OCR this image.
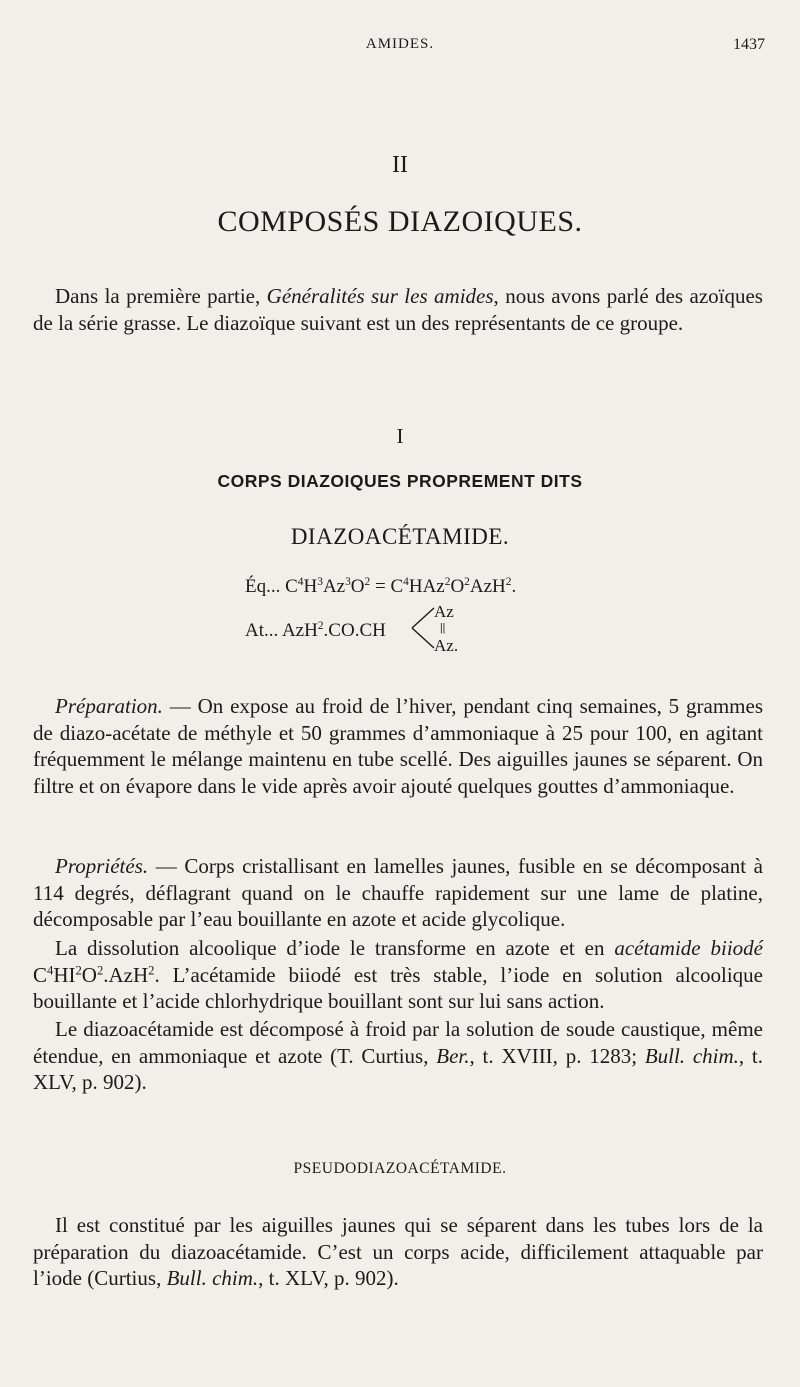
AMIDES.	1437
II
COMPOSÉS DIAZOIQUES.

Dans la première partie, Généralités sur les amides, nous avons parlé des azoïques de la série grasse. Le diazoïque suivant est un des représentants de ce groupe.

I
CORPS DIAZOIQUES PROPREMENT DITS
DIAZOACÉTAMIDE.
Éq... $C^4H^3Az^3O^2 = C^4HAz^2O^2AzH^2$.
At... AzH$^2$.CO.CH
Az
||
Az.

Préparation. — On expose au froid de l’hiver, pendant cinq semaines, 5 grammes de diazo-acétate de méthyle et 50 grammes d’ammoniaque à 25 pour 100, en agitant fréquemment le mélange maintenu en tube scellé. Des aiguilles jaunes se séparent. On filtre et on évapore dans le vide après avoir ajouté quelques gouttes d’ammoniaque.

Propriétés. — Corps cristallisant en lamelles jaunes, fusible en se décomposant à 114 degrés, déflagrant quand on le chauffe rapidement sur une lame de platine, décomposable par l’eau bouillante en azote et acide glycolique.

La dissolution alcoolique d’iode le transforme en azote et en acétamide biiodé $C^4HI^2O^2.AzH^2$. L’acétamide biiodé est très stable, l’iode en solution alcoolique bouillante et l’acide chlorhydrique bouillant sont sur lui sans action.

Le diazoacétamide est décomposé à froid par la solution de soude caustique, même étendue, en ammoniaque et azote (T. Curtius, Ber., t. XVIII, p. 1283; Bull. chim., t. XLV, p. 902).

PSEUDODIAZOACÉTAMIDE.

Il est constitué par les aiguilles jaunes qui se séparent dans les tubes lors de la préparation du diazoacétamide. C’est un corps acide, difficilement attaquable par l’iode (Curtius, Bull. chim., t. XLV, p. 902).
